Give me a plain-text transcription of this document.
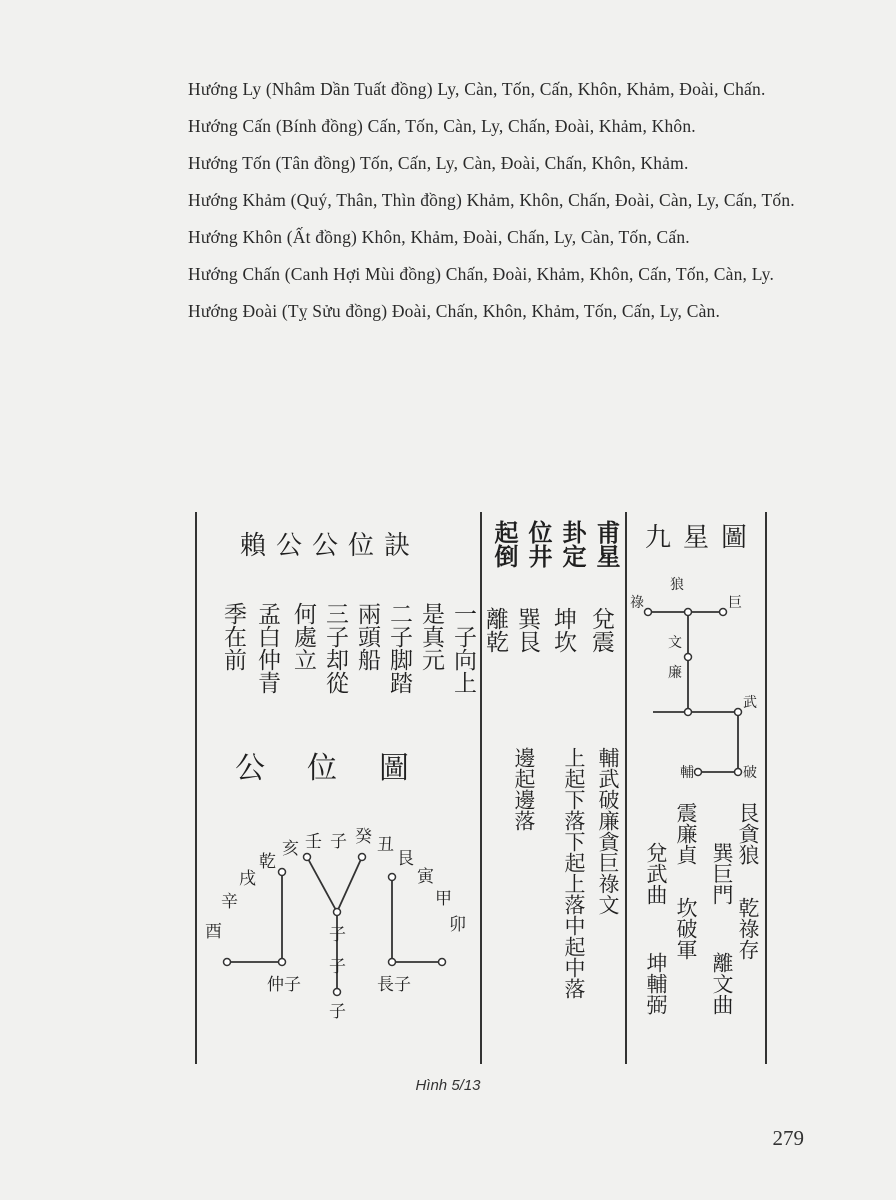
Hướng Ly (Nhâm Dần Tuất đồng) Ly, Càn, Tốn, Cấn, Khôn, Khảm, Đoài, Chấn.

Hướng Cấn (Bính đồng) Cấn, Tốn, Càn, Ly, Chấn, Đoài, Khảm, Khôn.

Hướng Tốn (Tân đồng) Tốn, Cấn, Ly, Càn, Đoài, Chấn, Khôn, Khảm.

Hướng Khảm (Quý, Thân, Thìn đồng) Khảm, Khôn, Chấn, Đoài, Càn, Ly, Cấn, Tốn.

Hướng Khôn (Ất đồng) Khôn, Khảm, Đoài, Chấn, Ly, Càn, Tốn, Cấn.

Hướng Chấn (Canh Hợi Mùi đồng) Chấn, Đoài, Khảm, Khôn, Cấn, Tốn, Càn, Ly.

Hướng Đoài (Tỵ Sửu đồng) Đoài, Chấn, Khôn, Khảm, Tốn, Cấn, Ly, Càn.

賴公公位訣
一子向上
是真元
二子脚踏
兩頭船
三子却從
何處立
孟白仲青
季在前
公位圖
子 癸 丑
艮
寅
甲
卯
壬
亥
乾
戌
辛
酉
仲子
子
長子
子
子
甫星
卦定
位井
起倒
兌震
坤坎
巽艮
離乾
輔武破廉貪巨祿文
上起下落下起上落中起中落
邊起邊落
九星圖
狼
巨
祿
文
廉
武
破
輔
艮貪狼
巽巨門
乾祿存
離文曲
震廉貞
兌武曲
坎破軍
坤輔弼
Hình 5/13
279
